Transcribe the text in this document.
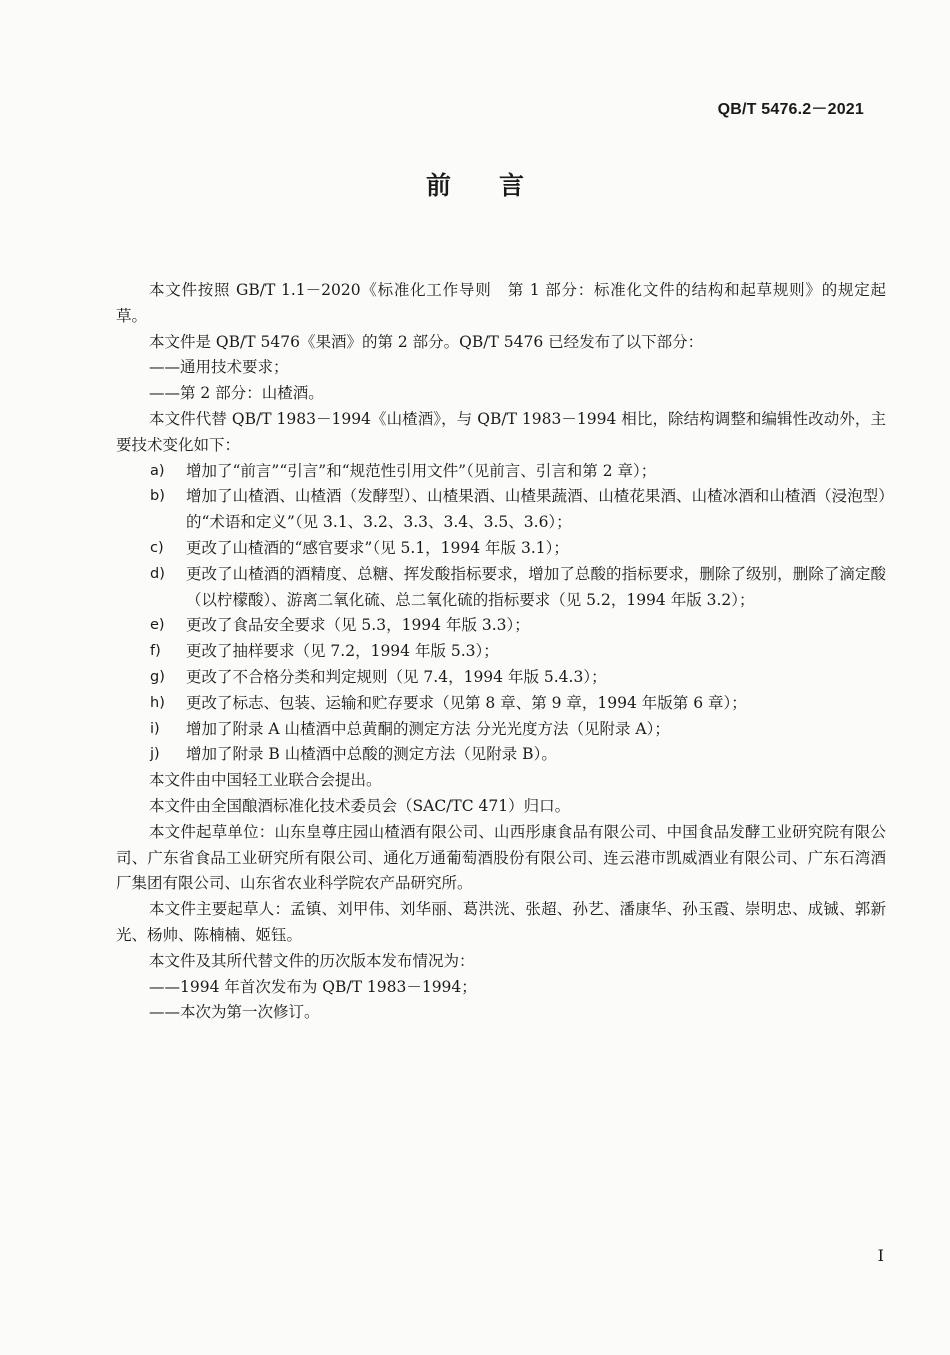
QB/T 5476.2－2021
前言

本文件按照 GB/T 1.1－2020《标准化工作导则　第 1 部分：标准化文件的结构和起草规则》的规定起草。

本文件是 QB/T 5476《果酒》的第 2 部分。QB/T 5476 已经发布了以下部分：

——通用技术要求；

——第 2 部分：山楂酒。

本文件代替 QB/T 1983－1994《山楂酒》，与 QB/T 1983－1994 相比，除结构调整和编辑性改动外，主要技术变化如下：

a)	增加了“前言”“引言”和“规范性引用文件”（见前言、引言和第 2 章）；
b)	增加了山楂酒、山楂酒（发酵型）、山楂果酒、山楂果蔬酒、山楂花果酒、山楂冰酒和山楂酒（浸泡型）的“术语和定义”（见 3.1、3.2、3.3、3.4、3.5、3.6）；
c)	更改了山楂酒的“感官要求”（见 5.1，1994 年版 3.1）；
d)	更改了山楂酒的酒精度、总糖、挥发酸指标要求，增加了总酸的指标要求，删除了级别，删除了滴定酸（以柠檬酸）、游离二氧化硫、总二氧化硫的指标要求（见 5.2，1994 年版 3.2）；
e)	更改了食品安全要求（见 5.3，1994 年版 3.3）；
f)	更改了抽样要求（见 7.2，1994 年版 5.3）；
g)	更改了不合格分类和判定规则（见 7.4，1994 年版 5.4.3）；
h)	更改了标志、包装、运输和贮存要求（见第 8 章、第 9 章，1994 年版第 6 章）；
i)	增加了附录 A 山楂酒中总黄酮的测定方法 分光光度方法（见附录 A）；
j)	增加了附录 B 山楂酒中总酸的测定方法（见附录 B）。

本文件由中国轻工业联合会提出。

本文件由全国酿酒标准化技术委员会（SAC/TC 471）归口。

本文件起草单位：山东皇尊庄园山楂酒有限公司、山西彤康食品有限公司、中国食品发酵工业研究院有限公司、广东省食品工业研究所有限公司、通化万通葡萄酒股份有限公司、连云港市凯威酒业有限公司、广东石湾酒厂集团有限公司、山东省农业科学院农产品研究所。

本文件主要起草人：孟镇、刘甲伟、刘华丽、葛洪洸、张超、孙艺、潘康华、孙玉霞、崇明忠、成铖、郭新光、杨帅、陈楠楠、姬钰。

本文件及其所代替文件的历次版本发布情况为：

——1994 年首次发布为 QB/T 1983－1994；

——本次为第一次修订。

I
